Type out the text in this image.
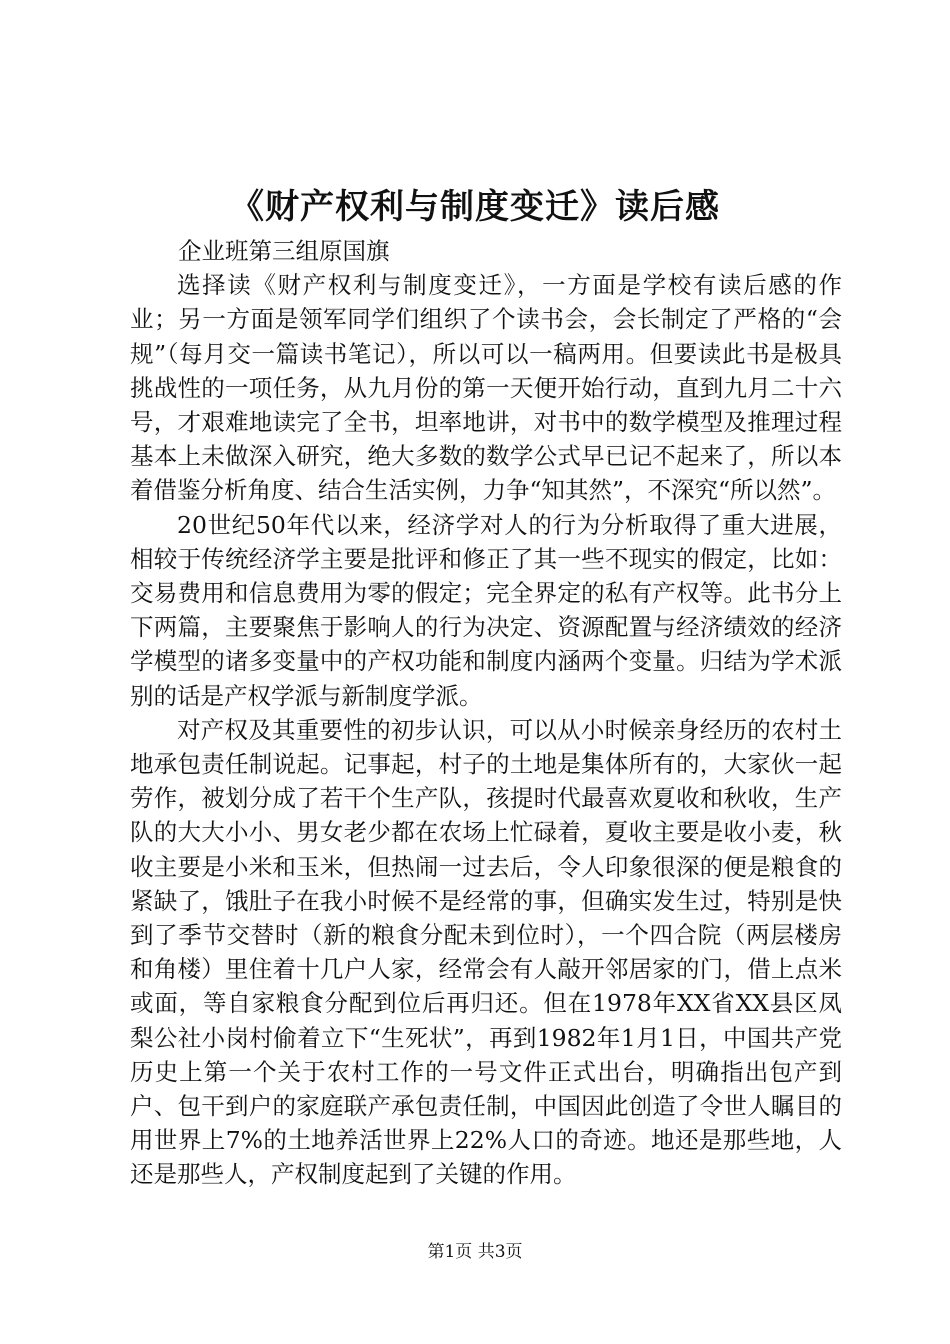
《财产权利与制度变迁》读后感

企业班第三组原国旗

选择读《财产权利与制度变迁》，一方面是学校有读后感的作业；另一方面是领军同学们组织了个读书会，会长制定了严格的“会规”（每月交一篇读书笔记），所以可以一稿两用。但要读此书是极具挑战性的一项任务，从九月份的第一天便开始行动，直到九月二十六号，才艰难地读完了全书，坦率地讲，对书中的数学模型及推理过程基本上未做深入研究，绝大多数的数学公式早已记不起来了，所以本着借鉴分析角度、结合生活实例，力争“知其然”，不深究“所以然”。

20世纪50年代以来，经济学对人的行为分析取得了重大进展，相较于传统经济学主要是批评和修正了其一些不现实的假定，比如：交易费用和信息费用为零的假定；完全界定的私有产权等。此书分上下两篇，主要聚焦于影响人的行为决定、资源配置与经济绩效的经济学模型的诸多变量中的产权功能和制度内涵两个变量。归结为学术派别的话是产权学派与新制度学派。

对产权及其重要性的初步认识，可以从小时候亲身经历的农村土地承包责任制说起。记事起，村子的土地是集体所有的，大家伙一起劳作，被划分成了若干个生产队，孩提时代最喜欢夏收和秋收，生产队的大大小小、男女老少都在农场上忙碌着，夏收主要是收小麦，秋收主要是小米和玉米，但热闹一过去后，令人印象很深的便是粮食的紧缺了，饿肚子在我小时候不是经常的事，但确实发生过，特别是快到了季节交替时（新的粮食分配未到位时），一个四合院（两层楼房和角楼）里住着十几户人家，经常会有人敲开邻居家的门，借上点米或面，等自家粮食分配到位后再归还。但在1978年XX省XX县区凤梨公社小岗村偷着立下“生死状”，再到1982年1月1日，中国共产党历史上第一个关于农村工作的一号文件正式出台，明确指出包产到户、包干到户的家庭联产承包责任制，中国因此创造了令世人瞩目的用世界上7%的土地养活世界上22%人口的奇迹。地还是那些地，人还是那些人，产权制度起到了关键的作用。

第1页 共3页
